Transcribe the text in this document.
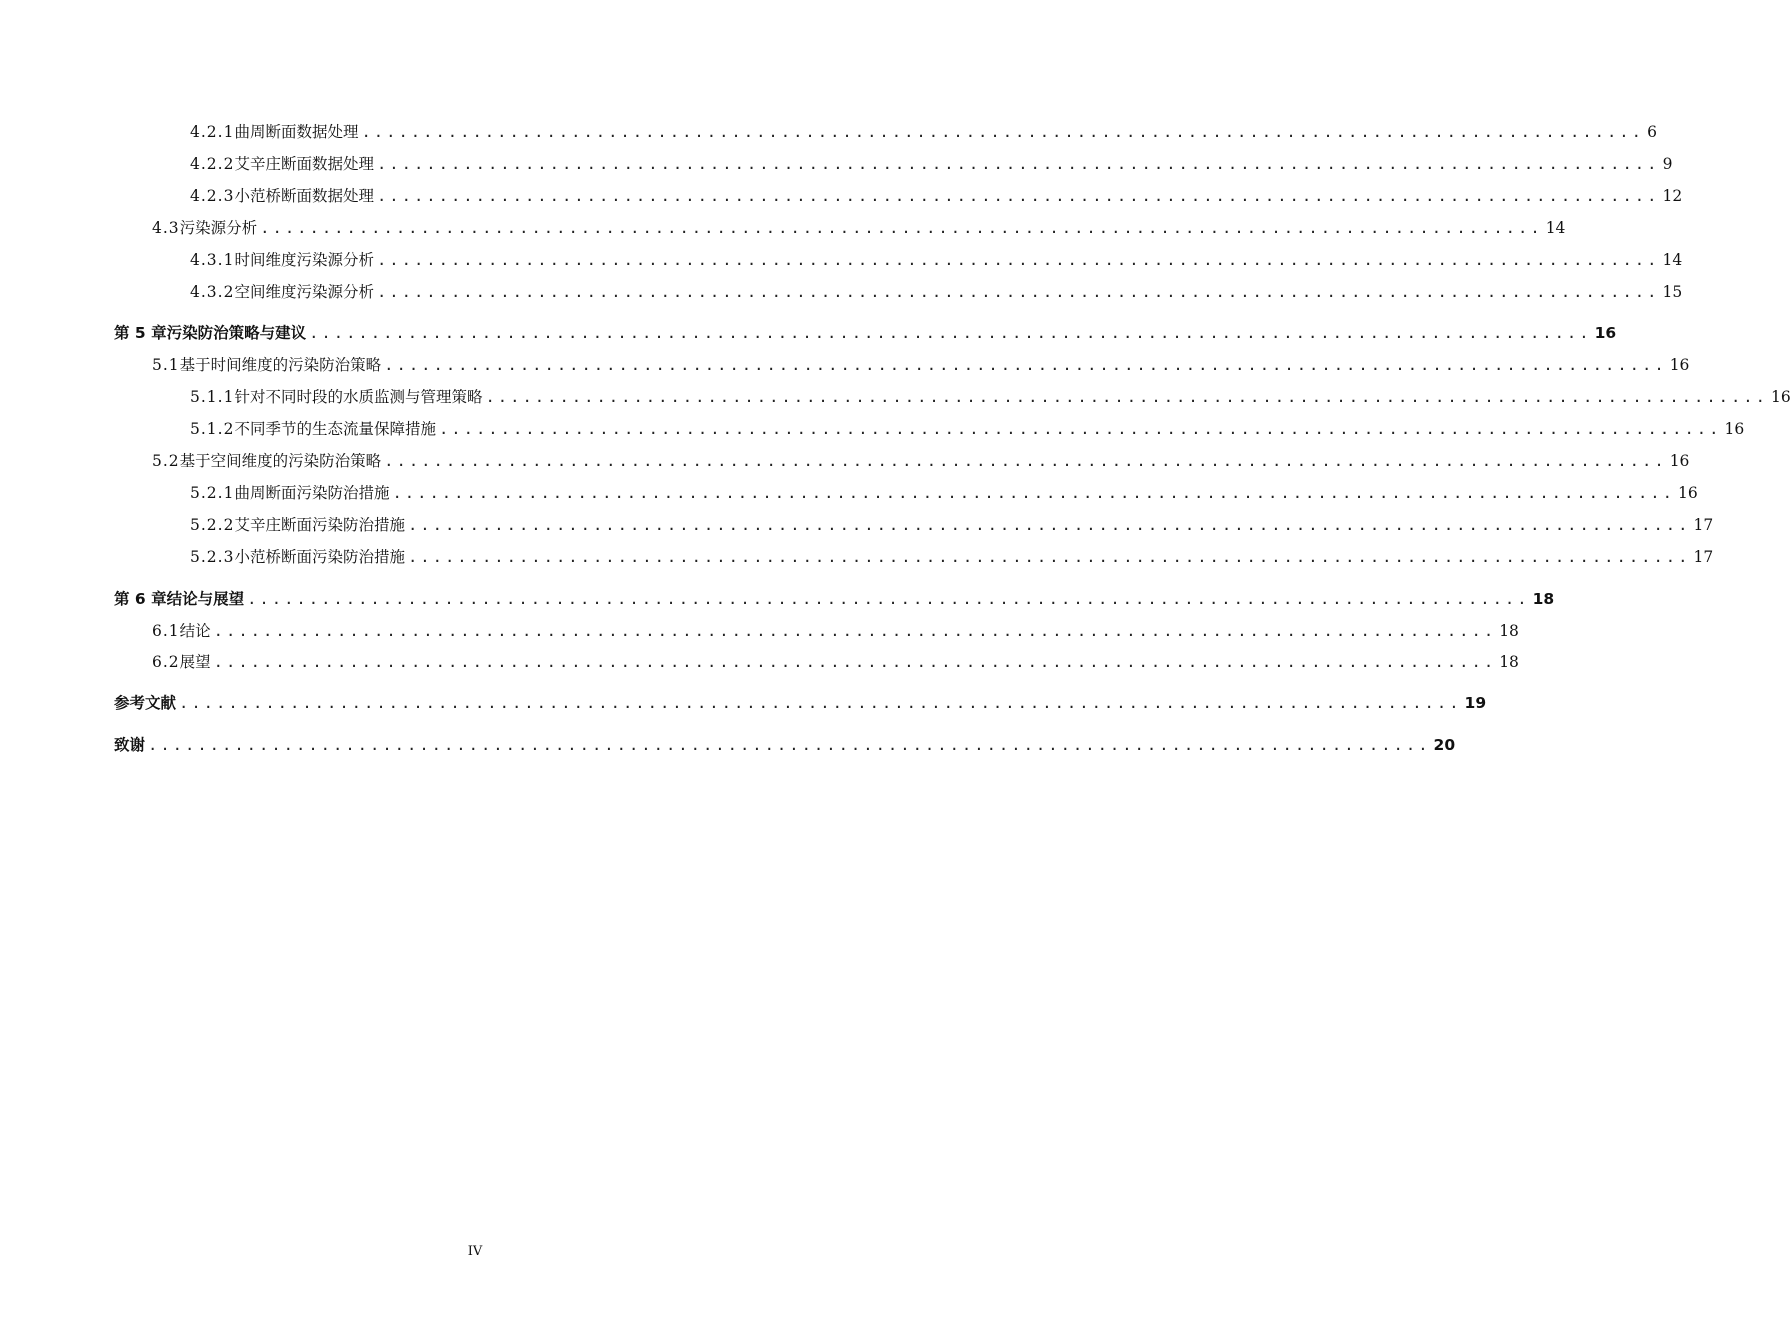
4.2.1 曲周断面数据处理 ........................................................................................................ 6
4.2.2 艾辛庄断面数据处理 ........................................................................................................ 9
4.2.3 小范桥断面数据处理 ........................................................................................................ 12
4.3 污染源分析 ........................................................................................................ 14
4.3.1 时间维度污染源分析 ........................................................................................................ 14
4.3.2 空间维度污染源分析 ........................................................................................................ 15
第 5 章 污染防治策略与建议 ........................................................................................................ 16
5.1 基于时间维度的污染防治策略 ........................................................................................................ 16
5.1.1 针对不同时段的水质监测与管理策略 ........................................................................................................ 16
5.1.2 不同季节的生态流量保障措施 ........................................................................................................ 16
5.2 基于空间维度的污染防治策略 ........................................................................................................ 16
5.2.1 曲周断面污染防治措施 ........................................................................................................ 16
5.2.2 艾辛庄断面污染防治措施 ........................................................................................................ 17
5.2.3 小范桥断面污染防治措施 ........................................................................................................ 17
第 6 章 结论与展望 ........................................................................................................ 18
6.1 结论 ........................................................................................................ 18
6.2 展望 ........................................................................................................ 18
参考文献 ........................................................................................................ 19
致谢 ........................................................................................................ 20
IV
